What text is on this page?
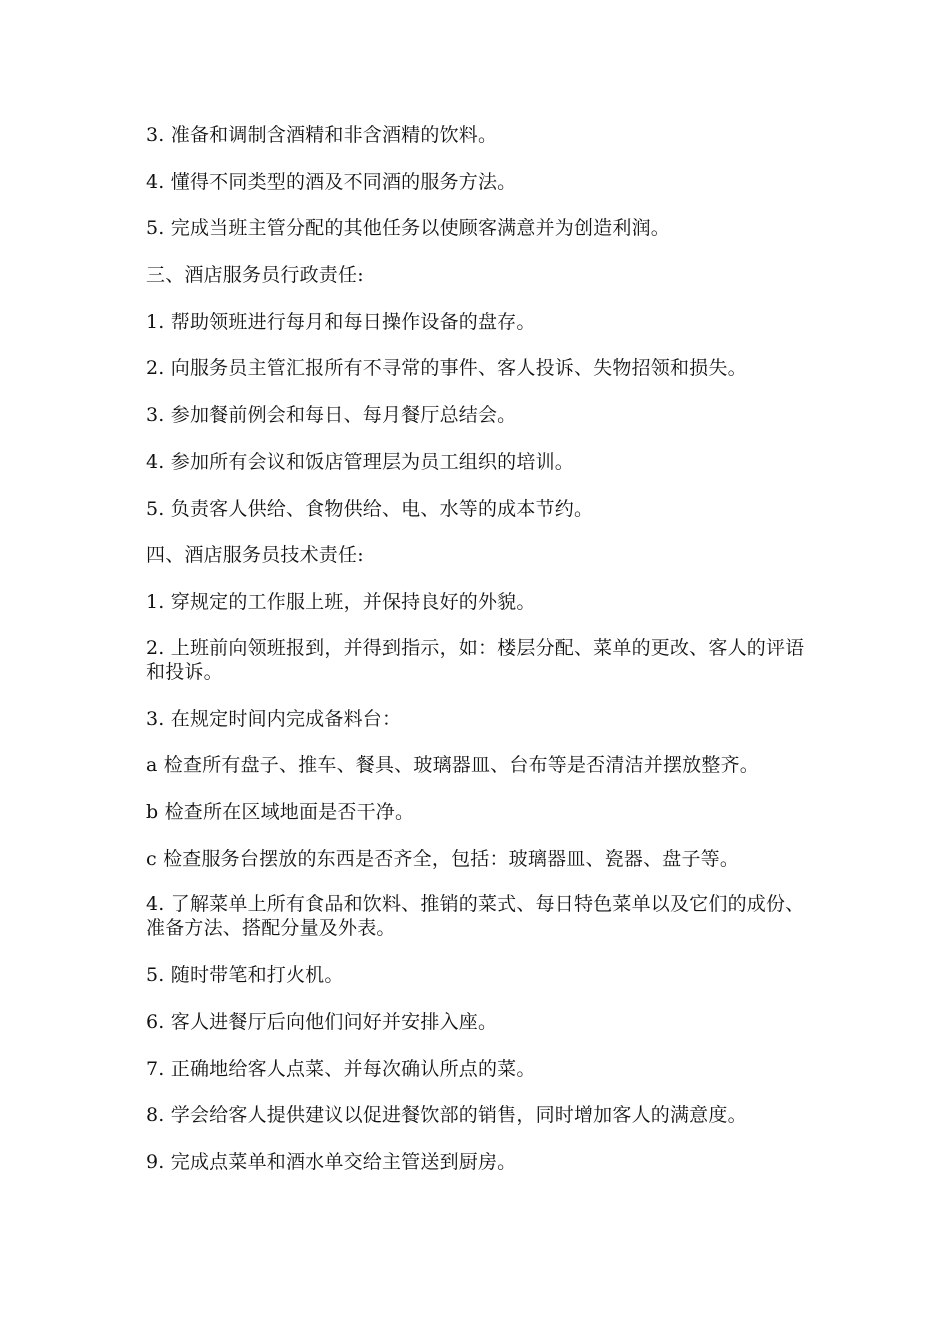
3. 准备和调制含酒精和非含酒精的饮料。

4. 懂得不同类型的酒及不同酒的服务方法。

5. 完成当班主管分配的其他任务以使顾客满意并为创造利润。

三、酒店服务员行政责任:

1. 帮助领班进行每月和每日操作设备的盘存。

2. 向服务员主管汇报所有不寻常的事件、客人投诉、失物招领和损失。

3. 参加餐前例会和每日、每月餐厅总结会。

4. 参加所有会议和饭店管理层为员工组织的培训。

5. 负责客人供给、食物供给、电、水等的成本节约。

四、酒店服务员技术责任:

1. 穿规定的工作服上班，并保持良好的外貌。

2. 上班前向领班报到，并得到指示，如：楼层分配、菜单的更改、客人的评语和投诉。

3. 在规定时间内完成备料台：

a 检查所有盘子、推车、餐具、玻璃器皿、台布等是否清洁并摆放整齐。

b 检查所在区域地面是否干净。

c 检查服务台摆放的东西是否齐全，包括：玻璃器皿、瓷器、盘子等。

4. 了解菜单上所有食品和饮料、推销的菜式、每日特色菜单以及它们的成份、准备方法、搭配分量及外表。

5. 随时带笔和打火机。

6. 客人进餐厅后向他们问好并安排入座。

7. 正确地给客人点菜、并每次确认所点的菜。

8. 学会给客人提供建议以促进餐饮部的销售，同时增加客人的满意度。

9. 完成点菜单和酒水单交给主管送到厨房。
